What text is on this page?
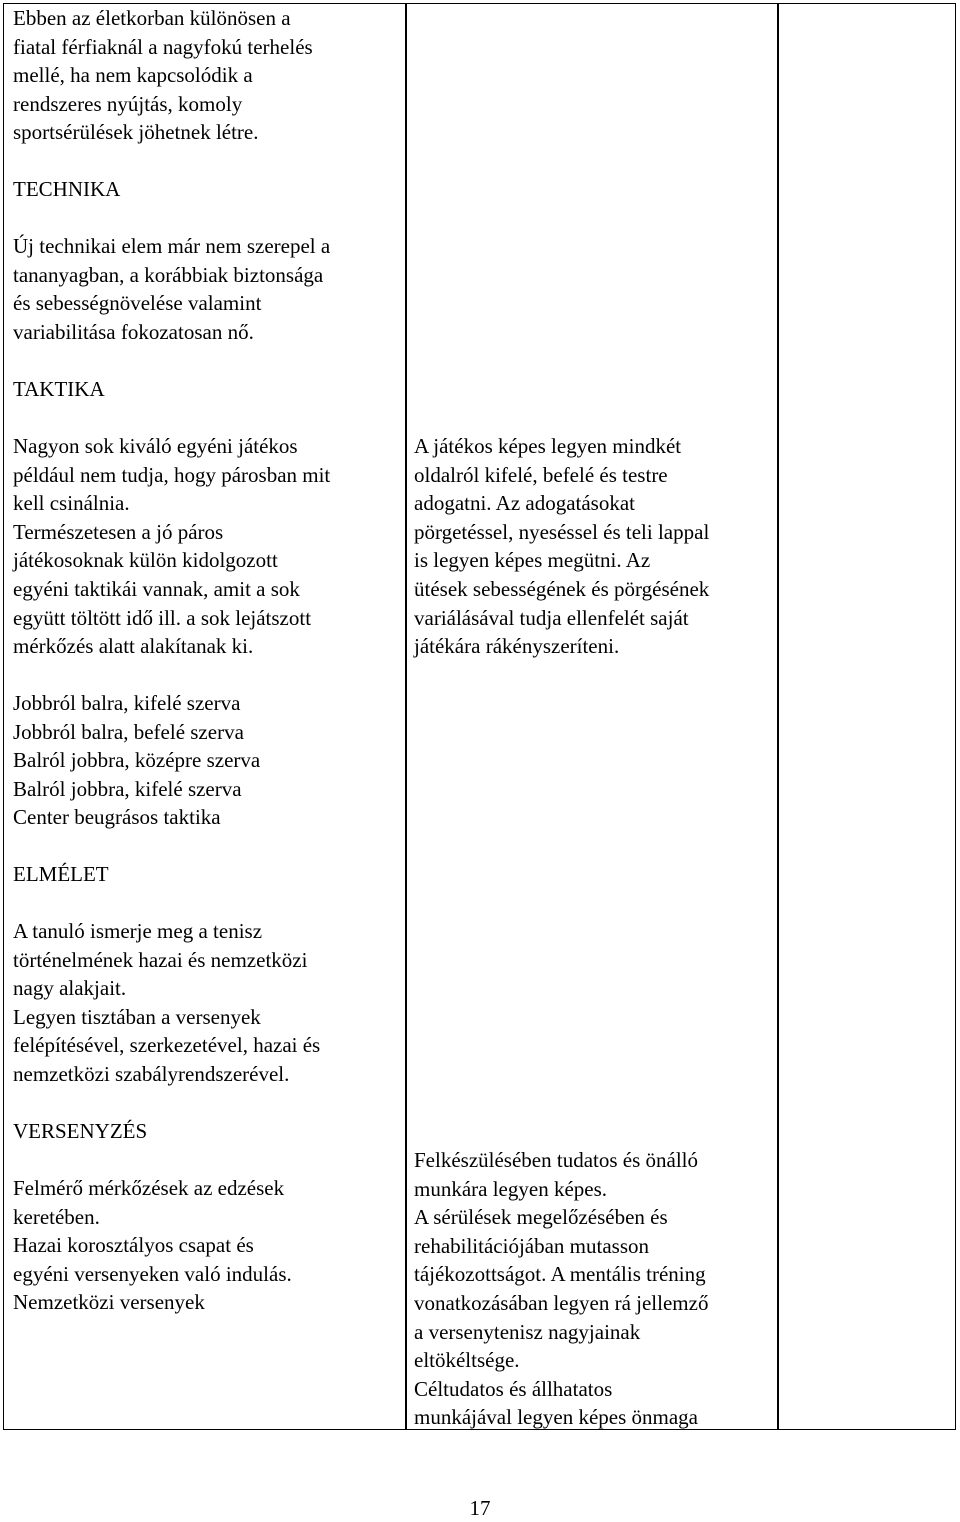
Ebben az életkorban különösen a
fiatal férfiaknál a nagyfokú terhelés
mellé, ha nem kapcsolódik a
rendszeres nyújtás, komoly
sportsérülések jöhetnek létre.
TECHNIKA
Új technikai elem már nem szerepel a
tananyagban, a korábbiak biztonsága
és sebességnövelése valamint
variabilitása fokozatosan nő.
TAKTIKA
Nagyon sok kiváló egyéni játékos
például nem tudja, hogy párosban mit
kell csinálnia.
Természetesen a jó páros
játékosoknak külön kidolgozott
egyéni taktikái vannak, amit a sok
együtt töltött idő ill. a sok lejátszott
mérkőzés alatt alakítanak ki.
Jobbról balra, kifelé szerva
Jobbról balra, befelé szerva
Balról jobbra, középre szerva
Balról jobbra, kifelé szerva
Center beugrásos taktika
ELMÉLET
A tanuló ismerje meg a tenisz
történelmének hazai és nemzetközi
nagy alakjait.
Legyen tisztában a versenyek
felépítésével, szerkezetével, hazai és
nemzetközi szabályrendszerével.
VERSENYZÉS
Felmérő mérkőzések az edzések
keretében.
Hazai korosztályos csapat és
egyéni versenyeken való indulás.
Nemzetközi versenyek
A játékos képes legyen mindkét
oldalról kifelé, befelé és testre
adogatni. Az adogatásokat
pörgetéssel, nyeséssel és teli lappal
is legyen képes megütni. Az
ütések sebességének és pörgésének
variálásával tudja ellenfelét saját
játékára rákényszeríteni.
Felkészülésében tudatos és önálló
munkára legyen képes.
A sérülések megelőzésében és
rehabilitációjában mutasson
tájékozottságot. A mentális tréning
vonatkozásában legyen rá jellemző
a versenytenisz nagyjainak
eltökéltsége.
Céltudatos és állhatatos
munkájával legyen képes önmaga
17
